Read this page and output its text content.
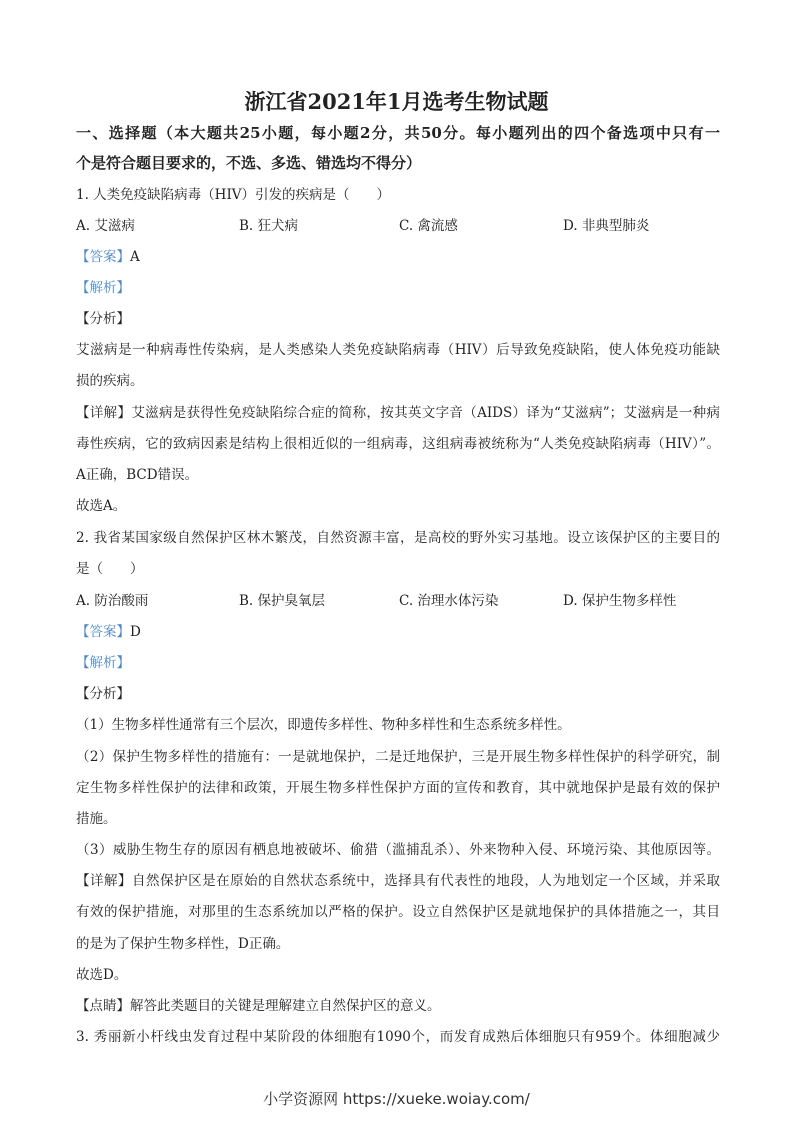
浙江省2021年1月选考生物试题
一、选择题（本大题共25小题，每小题2分，共50分。每小题列出的四个备选项中只有一
个是符合题目要求的，不选、多选、错选均不得分）
1. 人类免疫缺陷病毒（HIV）引发的疾病是（　　）
A. 艾滋病	B. 狂犬病	C. 禽流感	D. 非典型肺炎
【答案】A
【解析】
【分析】
艾滋病是一种病毒性传染病，是人类感染人类免疫缺陷病毒（HIV）后导致免疫缺陷，使人体免疫功能缺
损的疾病。
【详解】艾滋病是获得性免疫缺陷综合症的简称，按其英文字音（AIDS）译为“艾滋病”；艾滋病是一种病
毒性疾病，它的致病因素是结构上很相近似的一组病毒，这组病毒被统称为“人类免疫缺陷病毒（HIV）”。
A正确，BCD错误。
故选A。
2. 我省某国家级自然保护区林木繁茂，自然资源丰富，是高校的野外实习基地。设立该保护区的主要目的
是（　　）
A. 防治酸雨	B. 保护臭氧层	C. 治理水体污染	D. 保护生物多样性
【答案】D
【解析】
【分析】
（1）生物多样性通常有三个层次，即遗传多样性、物种多样性和生态系统多样性。
（2）保护生物多样性的措施有：一是就地保护，二是迁地保护，三是开展生物多样性保护的科学研究，制
定生物多样性保护的法律和政策，开展生物多样性保护方面的宣传和教育，其中就地保护是最有效的保护
措施。
（3）威胁生物生存的原因有栖息地被破坏、偷猎（滥捕乱杀）、外来物种入侵、环境污染、其他原因等。
【详解】自然保护区是在原始的自然状态系统中，选择具有代表性的地段，人为地划定一个区域，并采取
有效的保护措施，对那里的生态系统加以严格的保护。设立自然保护区是就地保护的具体措施之一，其目
的是为了保护生物多样性，D正确。
故选D。
【点睛】解答此类题目的关键是理解建立自然保护区的意义。
3. 秀丽新小杆线虫发育过程中某阶段的体细胞有1090个，而发育成熟后体细胞只有959个。体细胞减少
小学资源网 https://xueke.woiay.com/
